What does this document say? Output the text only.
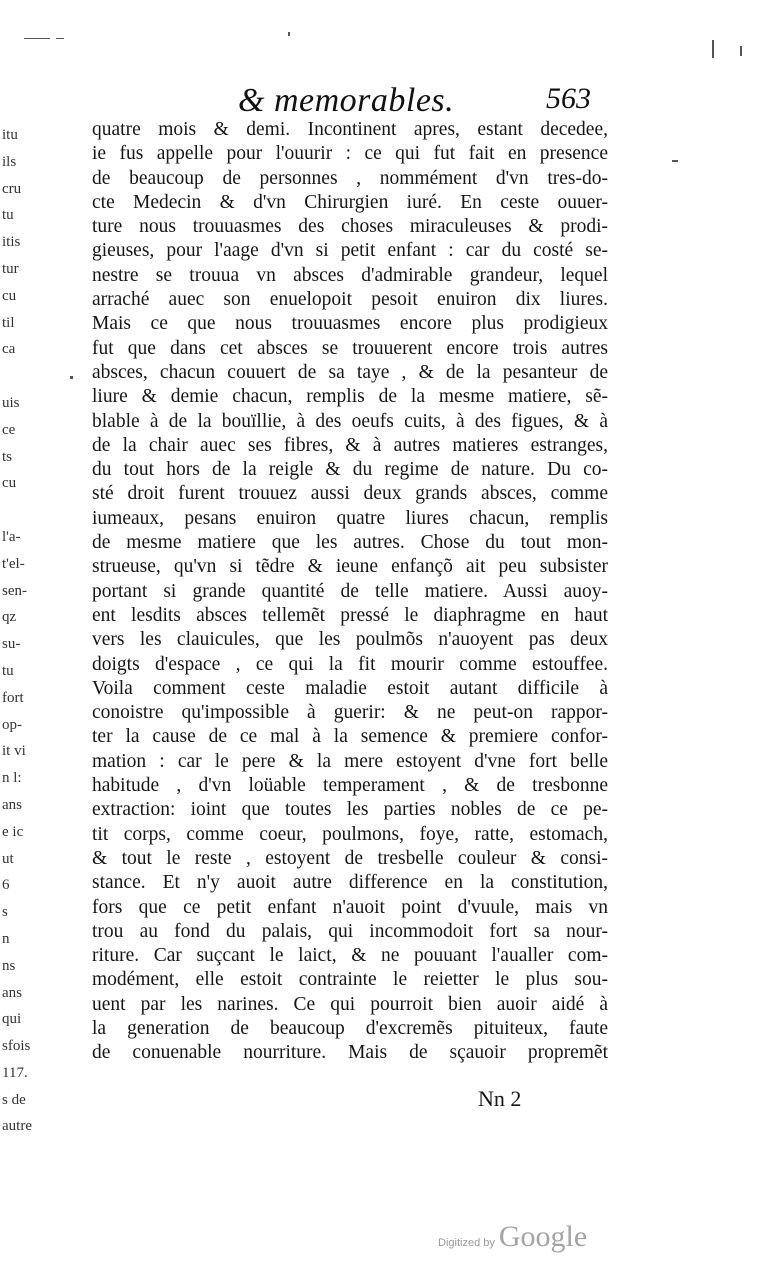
& memorables.	563
itu
ils
cru
tu
itis
tur
cu
til
ca
uis
ce
ts
cu
l'a-
t'el-
sen-
qz
su-
tu
fort
op-
it vi
n l:
ans
e ic
ut
6
s
n
ns
ans
qui
sfois
117.
s de
autre
quatre mois & demi. Incontinent apres, estant decedee,
ie fus appelle pour l'ouurir : ce qui fut fait en presence
de beaucoup de personnes , nommément d'vn tres-do-
cte Medecin & d'vn Chirurgien iuré. En ceste ouuer-
ture nous trouuasmes des choses miraculeuses & prodi-
gieuses, pour l'aage d'vn si petit enfant : car du costé se-
nestre se trouua vn absces d'admirable grandeur, lequel
arraché auec son enuelopoit pesoit enuiron dix liures.
Mais ce que nous trouuasmes encore plus prodigieux
fut que dans cet absces se trouuerent encore trois autres
absces, chacun couuert de sa taye , & de la pesanteur de
liure & demie chacun, remplis de la mesme matiere, sẽ-
blable à de la bouïllie, à des oeufs cuits, à des figues, & à
de la chair auec ses fibres, & à autres matieres estranges,
du tout hors de la reigle & du regime de nature. Du co-
sté droit furent trouuez aussi deux grands absces, comme
iumeaux, pesans enuiron quatre liures chacun, remplis
de mesme matiere que les autres. Chose du tout mon-
strueuse, qu'vn si tẽdre & ieune enfançõ ait peu subsister
portant si grande quantité de telle matiere. Aussi auoy-
ent lesdits absces tellemẽt pressé le diaphragme en haut
vers les clauicules, que les poulmõs n'auoyent pas deux
doigts d'espace , ce qui la fit mourir comme estouffee.
Voila comment ceste maladie estoit autant difficile à
conoistre qu'impossible à guerir: & ne peut-on rappor-
ter la cause de ce mal à la semence & premiere confor-
mation : car le pere & la mere estoyent d'vne fort belle
habitude , d'vn loüable temperament , & de tresbonne
extraction: ioint que toutes les parties nobles de ce pe-
tit corps, comme coeur, poulmons, foye, ratte, estomach,
& tout le reste , estoyent de tresbelle couleur & consi-
stance. Et n'y auoit autre difference en la constitution,
fors que ce petit enfant n'auoit point d'vuule, mais vn
trou au fond du palais, qui incommodoit fort sa nour-
riture. Car suçcant le laict, & ne pouuant l'aualler com-
modément, elle estoit contrainte le reietter le plus sou-
uent par les narines. Ce qui pourroit bien auoir aidé à
la generation de beaucoup d'excremẽs pituiteux, faute
de conuenable nourriture. Mais de sçauoir propremẽt
Nn 2
Digitized by Google
